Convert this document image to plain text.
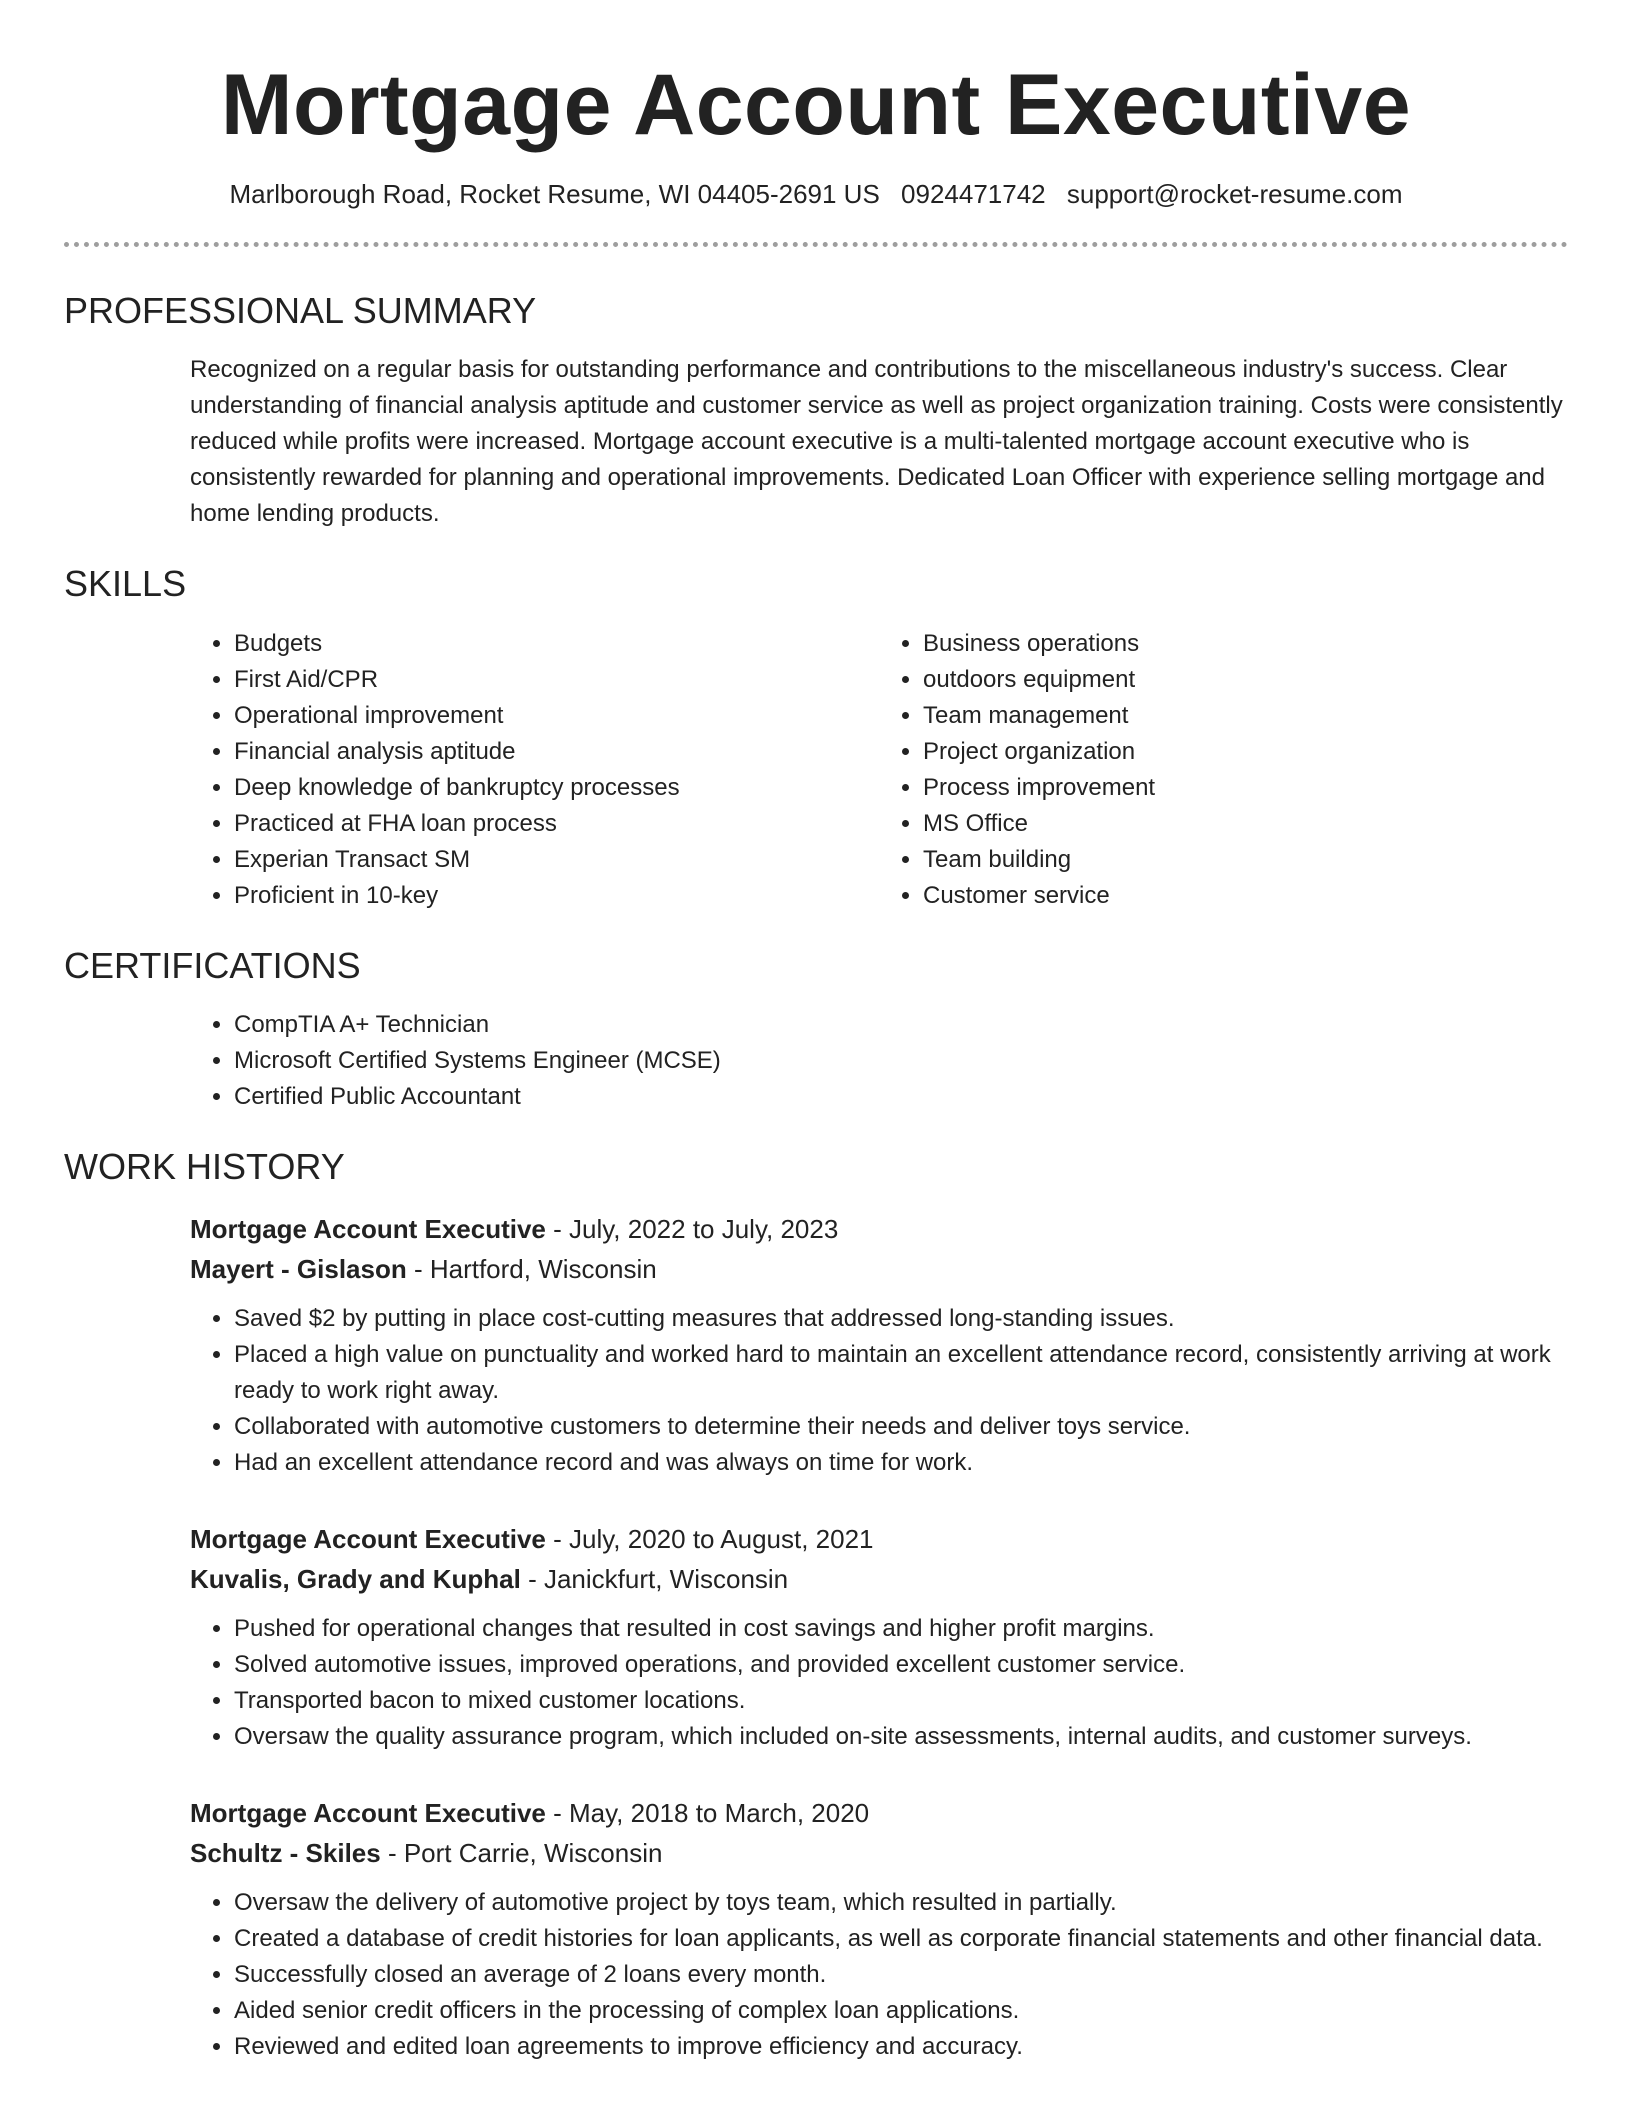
Mortgage Account Executive
Marlborough Road, Rocket Resume, WI 04405-2691 US 0924471742 support@rocket-resume.com
PROFESSIONAL SUMMARY
Recognized on a regular basis for outstanding performance and contributions to the miscellaneous industry's success. Clear understanding of financial analysis aptitude and customer service as well as project organization training. Costs were consistently reduced while profits were increased. Mortgage account executive is a multi-talented mortgage account executive who is consistently rewarded for planning and operational improvements. Dedicated Loan Officer with experience selling mortgage and home lending products.
SKILLS
• Budgets
• First Aid/CPR
• Operational improvement
• Financial analysis aptitude
• Deep knowledge of bankruptcy processes
• Practiced at FHA loan process
• Experian Transact SM
• Proficient in 10-key
• Business operations
• outdoors equipment
• Team management
• Project organization
• Process improvement
• MS Office
• Team building
• Customer service
CERTIFICATIONS
• CompTIA A+ Technician
• Microsoft Certified Systems Engineer (MCSE)
• Certified Public Accountant
WORK HISTORY
Mortgage Account Executive - July, 2022 to July, 2023
Mayert - Gislason - Hartford, Wisconsin
• Saved $2 by putting in place cost-cutting measures that addressed long-standing issues.
• Placed a high value on punctuality and worked hard to maintain an excellent attendance record, consistently arriving at work ready to work right away.
• Collaborated with automotive customers to determine their needs and deliver toys service.
• Had an excellent attendance record and was always on time for work.
Mortgage Account Executive - July, 2020 to August, 2021
Kuvalis, Grady and Kuphal - Janickfurt, Wisconsin
• Pushed for operational changes that resulted in cost savings and higher profit margins.
• Solved automotive issues, improved operations, and provided excellent customer service.
• Transported bacon to mixed customer locations.
• Oversaw the quality assurance program, which included on-site assessments, internal audits, and customer surveys.
Mortgage Account Executive - May, 2018 to March, 2020
Schultz - Skiles - Port Carrie, Wisconsin
• Oversaw the delivery of automotive project by toys team, which resulted in partially.
• Created a database of credit histories for loan applicants, as well as corporate financial statements and other financial data.
• Successfully closed an average of 2 loans every month.
• Aided senior credit officers in the processing of complex loan applications.
• Reviewed and edited loan agreements to improve efficiency and accuracy.
